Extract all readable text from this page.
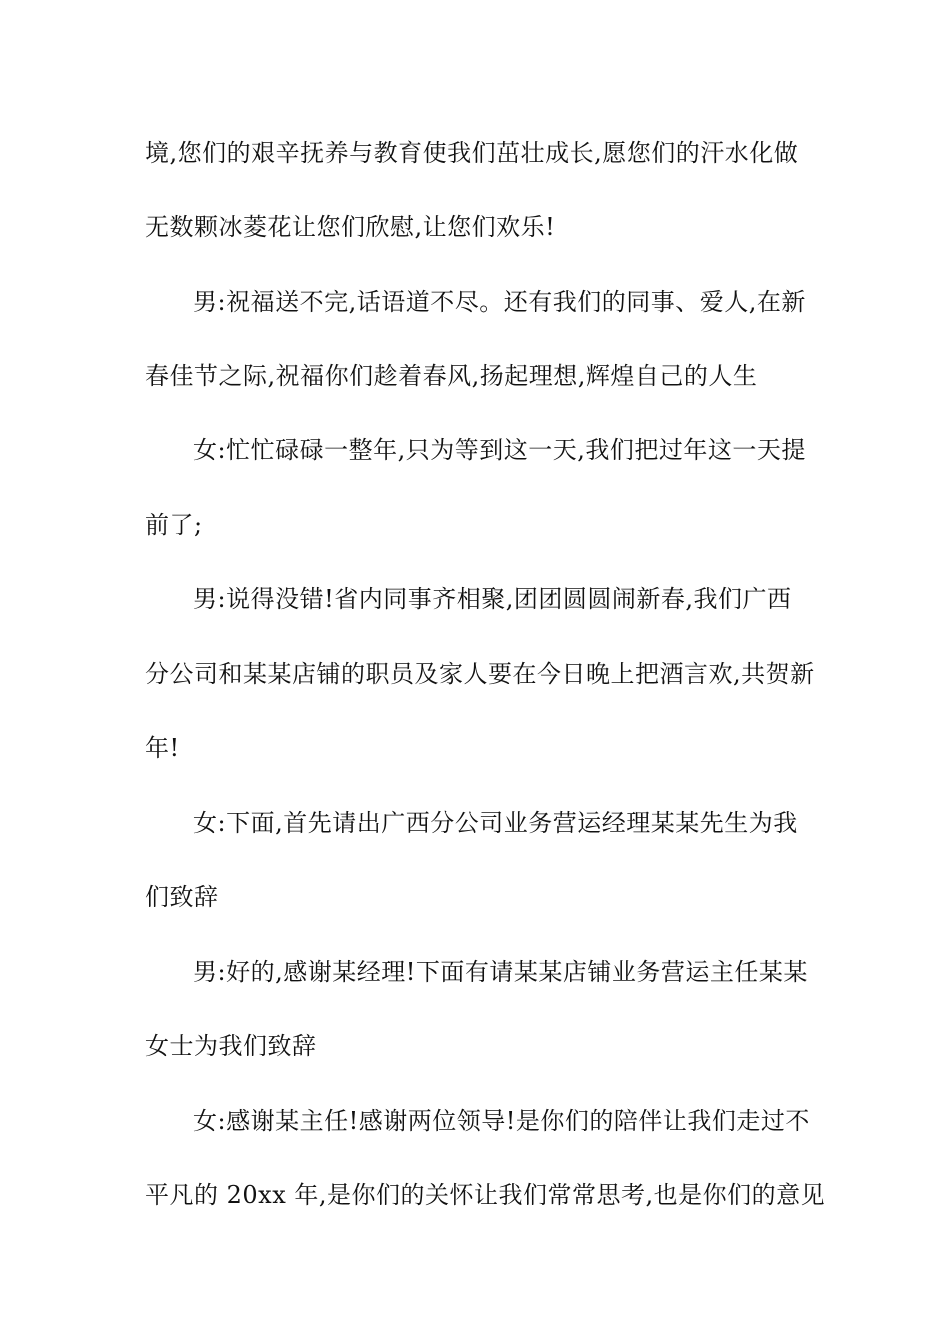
境,您们的艰辛抚养与教育使我们茁壮成长,愿您们的汗水化做
无数颗冰菱花让您们欣慰,让您们欢乐!
男:祝福送不完,话语道不尽。还有我们的同事、爱人,在新
春佳节之际,祝福你们趁着春风,扬起理想,辉煌自己的人生
女:忙忙碌碌一整年,只为等到这一天,我们把过年这一天提
前了;
男:说得没错!省内同事齐相聚,团团圆圆闹新春,我们广西
分公司和某某店铺的职员及家人要在今日晚上把酒言欢,共贺新
年!
女:下面,首先请出广西分公司业务营运经理某某先生为我
们致辞
男:好的,感谢某经理!下面有请某某店铺业务营运主任某某
女士为我们致辞
女:感谢某主任!感谢两位领导!是你们的陪伴让我们走过不
平凡的 20xx 年,是你们的关怀让我们常常思考,也是你们的意见
